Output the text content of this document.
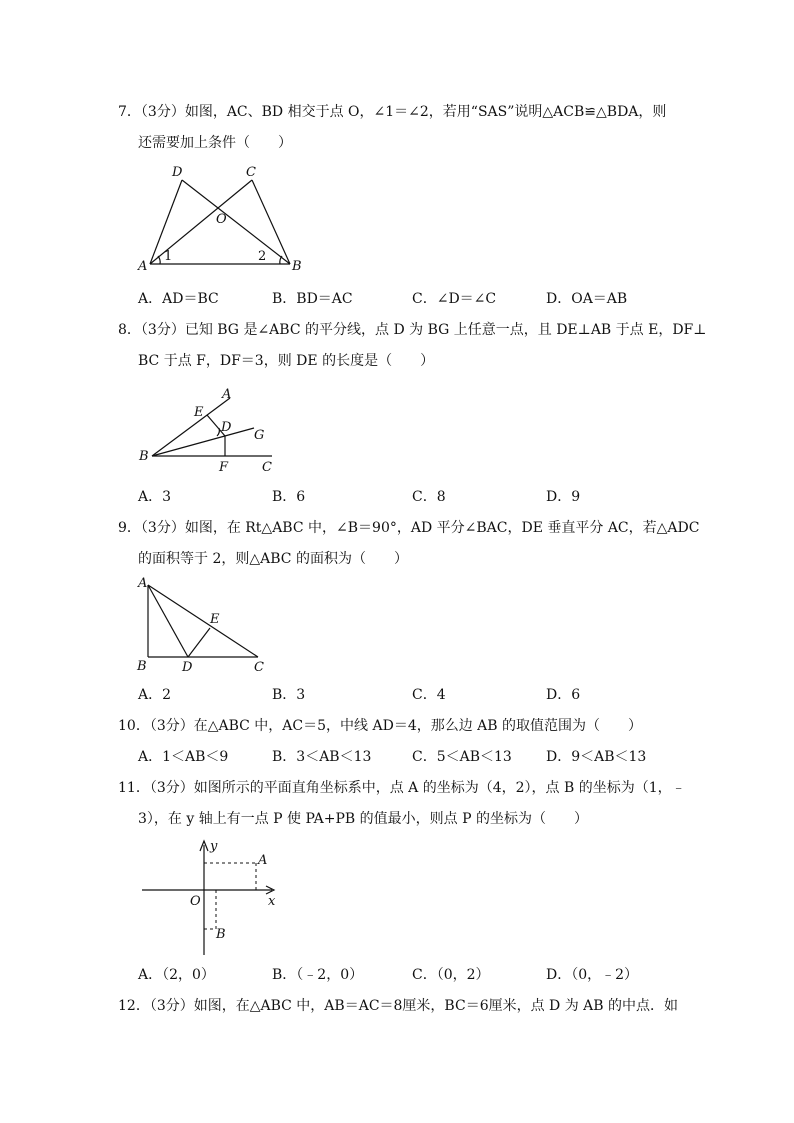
7．（3分）如图，AC、BD 相交于点 O，∠1＝∠2，若用“SAS”说明△ACB≌△BDA，则
还需要加上条件（　　）
D	C
O
A	B
1	2
A．AD＝BC	B．BD＝AC	C．∠D＝∠C	D．OA＝AB
8．（3分）已知 BG 是∠ABC 的平分线，点 D 为 BG 上任意一点，且 DE⊥AB 于点 E，DF⊥
BC 于点 F，DF＝3，则 DE 的长度是（　　）
A
E
D
G
B
F	C
A．3	B．6	C．8	D．9
9．（3分）如图，在 Rt△ABC 中，∠B＝90°，AD 平分∠BAC，DE 垂直平分 AC，若△ADC
的面积等于 2，则△ABC 的面积为（　　）
A
E
B	D	C
A．2	B．3	C．4	D．6
10．（3分）在△ABC 中，AC＝5，中线 AD＝4，那么边 AB 的取值范围为（　　）
A．1＜AB＜9	B．3＜AB＜13	C．5＜AB＜13 D．9＜AB＜13
11．（3分）如图所示的平面直角坐标系中，点 A 的坐标为（4，2），点 B 的坐标为（1，﹣
3），在 y 轴上有一点 P 使 PA+PB 的值最小，则点 P 的坐标为（　　）
y
A
O	x
B
A．（2，0）	B．（﹣2，0）	C．（0，2）	D．（0，﹣2）
12．（3分）如图，在△ABC 中，AB＝AC＝8厘米，BC＝6厘米，点 D 为 AB 的中点．如
